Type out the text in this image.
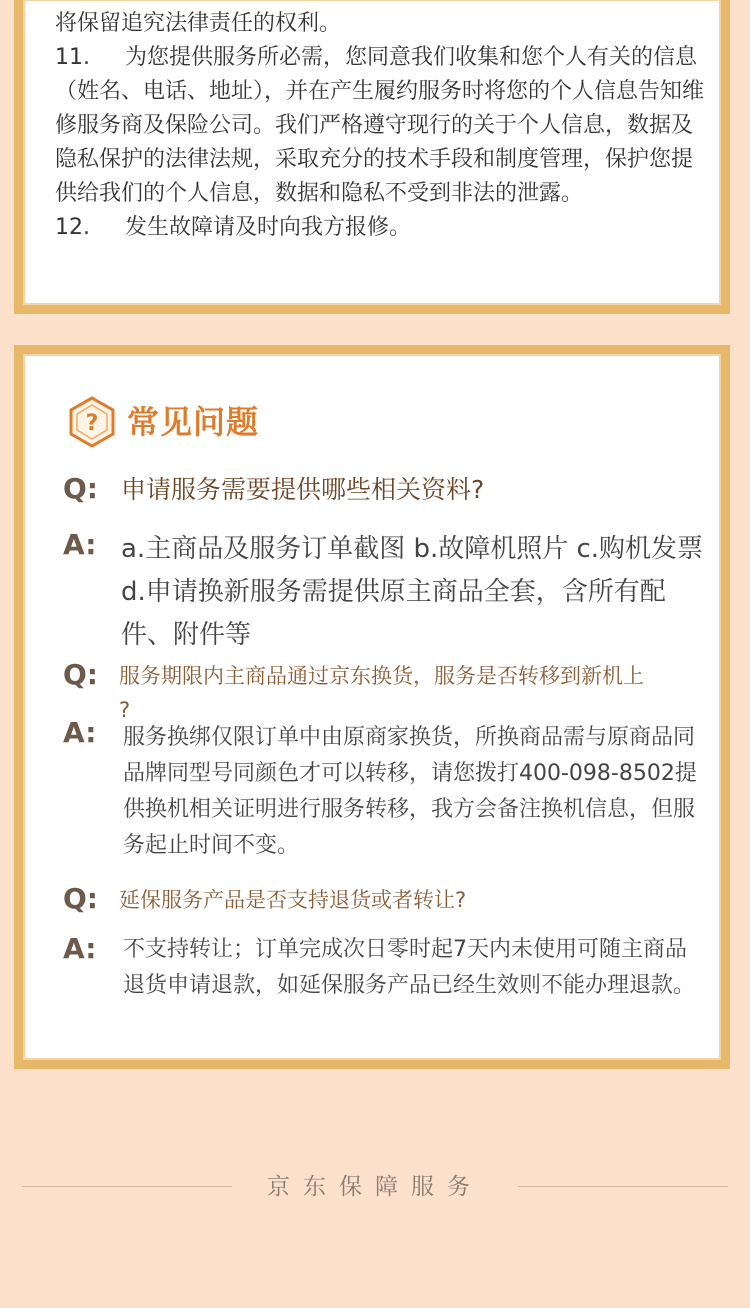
将保留追究法律责任的权利。

11. 为您提供服务所必需，您同意我们收集和您个人有关的信息（姓名、电话、地址），并在产生履约服务时将您的个人信息告知维修服务商及保险公司。我们严格遵守现行的关于个人信息，数据及隐私保护的法律法规，采取充分的技术手段和制度管理，保护您提供给我们的个人信息，数据和隐私不受到非法的泄露。

12. 发生故障请及时向我方报修。

? 常见问题
Q: 申请服务需要提供哪些相关资料?
A: a.主商品及服务订单截图 b.故障机照片 c.购机发票 d.申请换新服务需提供原主商品全套，含所有配件、附件等
Q: 服务期限内主商品通过京东换货，服务是否转移到新机上
?
A: 服务换绑仅限订单中由原商家换货，所换商品需与原商品同品牌同型号同颜色才可以转移，请您拨打400-098-8502提供换机相关证明进行服务转移，我方会备注换机信息，但服务起止时间不变。
Q: 延保服务产品是否支持退货或者转让?
A: 不支持转让；订单完成次日零时起7天内未使用可随主商品退货申请退款，如延保服务产品已经生效则不能办理退款。
京东保障服务
